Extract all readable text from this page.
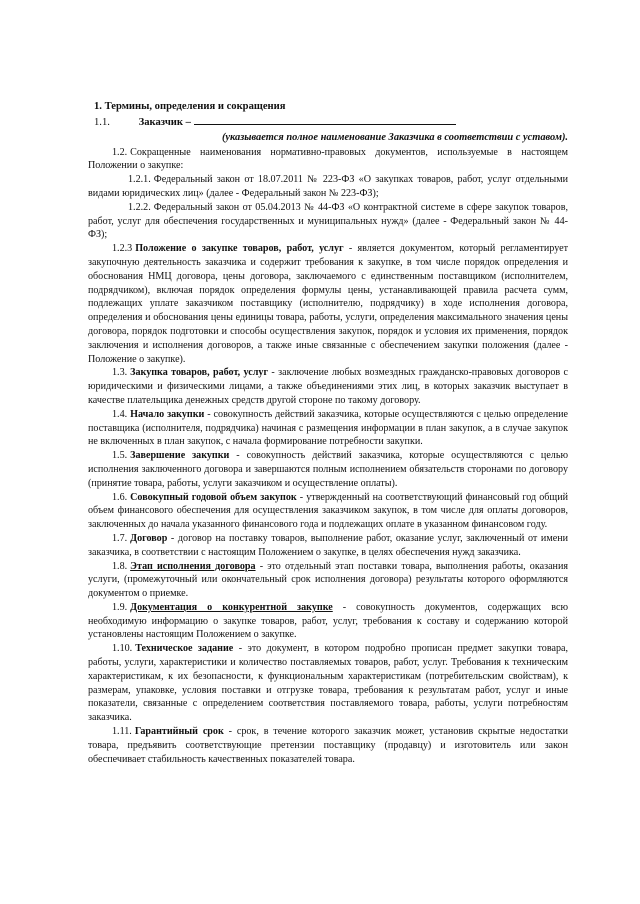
1. Термины, определения и сокращения
1.1.	Заказчик –
(указывается полное наименование Заказчика в соответствии с уставом).

1.2. Сокращенные наименования нормативно-правовых документов, используемые в настоящем Положении о закупке:

1.2.1. Федеральный закон от 18.07.2011 № 223-ФЗ «О закупках товаров, работ, услуг отдельными видами юридических лиц» (далее - Федеральный закон № 223-ФЗ);

1.2.2. Федеральный закон от 05.04.2013 № 44-ФЗ «О контрактной системе в сфере закупок товаров, работ, услуг для обеспечения государственных и муниципальных нужд» (далее - Федеральный закон № 44-ФЗ);

1.2.3 Положение о закупке товаров, работ, услуг - является документом, который регламентирует закупочную деятельность заказчика и содержит требования к закупке, в том числе порядок определения и обоснования НМЦ договора, цены договора, заключаемого с единственным поставщиком (исполнителем, подрядчиком), включая порядок определения формулы цены, устанавливающей правила расчета сумм, подлежащих уплате заказчиком поставщику (исполнителю, подрядчику) в ходе исполнения договора, определения и обоснования цены единицы товара, работы, услуги, определения максимального значения цены договора, порядок подготовки и способы осуществления закупок, порядок и условия их применения, порядок заключения и исполнения договоров, а также иные связанные с обеспечением закупки положения (далее - Положение о закупке).

1.3. Закупка товаров, работ, услуг - заключение любых возмездных гражданско-правовых договоров с юридическими и физическими лицами, а также объединениями этих лиц, в которых заказчик выступает в качестве плательщика денежных средств другой стороне по такому договору.

1.4. Начало закупки - совокупность действий заказчика, которые осуществляются с целью определение поставщика (исполнителя, подрядчика) начиная с размещения информации в план закупок, а в случае закупок не включенных в план закупок, с начала формирование потребности закупки.

1.5. Завершение закупки - совокупность действий заказчика, которые осуществляются с целью исполнения заключенного договора и завершаются полным исполнением обязательств сторонами по договору (принятие товара, работы, услуги заказчиком и осуществление оплаты).

1.6. Совокупный годовой объем закупок - утвержденный на соответствующий финансовый год общий объем финансового обеспечения для осуществления заказчиком закупок, в том числе для оплаты договоров, заключенных до начала указанного финансового года и подлежащих оплате в указанном финансовом году.

1.7. Договор - договор на поставку товаров, выполнение работ, оказание услуг, заключенный от имени заказчика, в соответствии с настоящим Положением о закупке, в целях обеспечения нужд заказчика.

1.8. Этап исполнения договора - это отдельный этап поставки товара, выполнения работы, оказания услуги, (промежуточный или окончательный срок исполнения договора) результаты которого оформляются документом о приемке.

1.9. Документация о конкурентной закупке - совокупность документов, содержащих всю необходимую информацию о закупке товаров, работ, услуг, требования к составу и содержанию которой установлены настоящим Положением о закупке.

1.10. Техническое задание - это документ, в котором подробно прописан предмет закупки товара, работы, услуги, характеристики и количество поставляемых товаров, работ, услуг. Требования к техническим характеристикам, к их безопасности, к функциональным характеристикам (потребительским свойствам), к размерам, упаковке, условия поставки и отгрузке товара, требования к результатам работ, услуг и иные показатели, связанные с определением соответствия поставляемого товара, работы, услуги потребностям заказчика.

1.11. Гарантийный срок - срок, в течение которого заказчик может, установив скрытые недостатки товара, предъявить соответствующие претензии поставщику (продавцу) и изготовитель или закон обеспечивает стабильность качественных показателей товара.
